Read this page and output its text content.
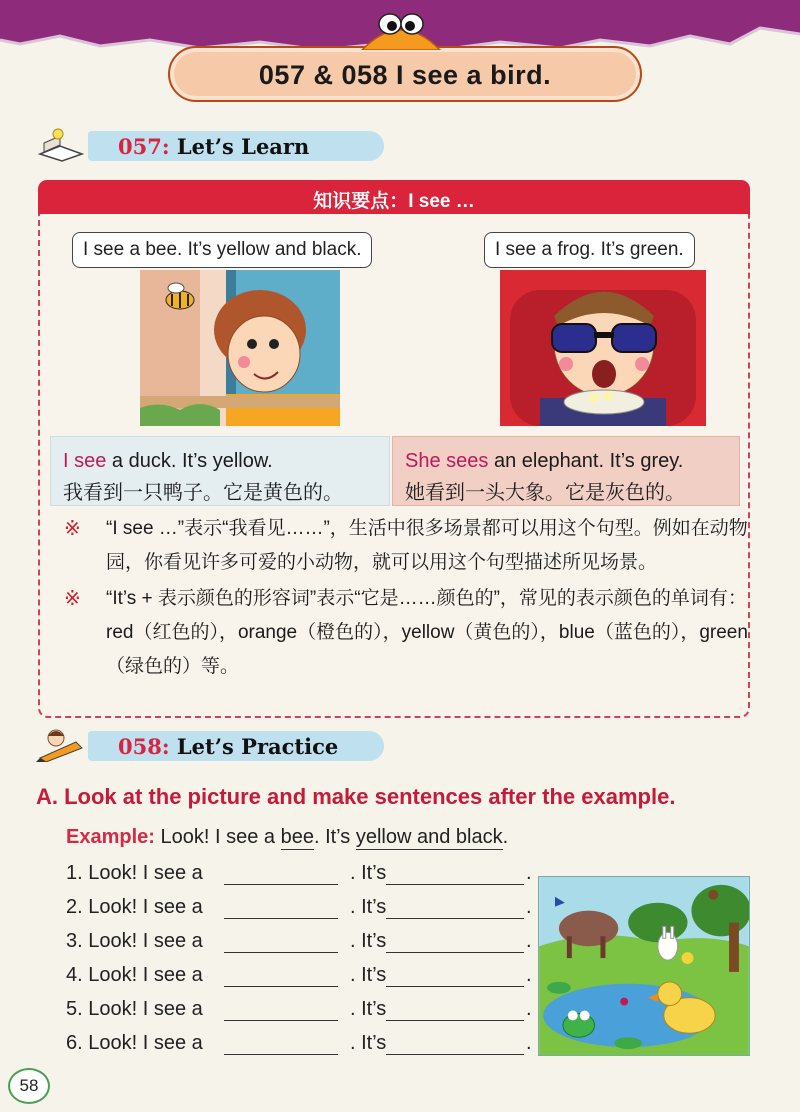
057 & 058 I see a bird.
057: Let’s Learn
知识要点：I see …
I see a bee. It’s yellow and black.	I see a frog. It’s green.
I see a duck. It’s yellow.
我看到一只鸭子。它是黄色的。
She sees an elephant. It’s grey.
她看到一头大象。它是灰色的。
※ “I see …”表示“我看见……”，生活中很多场景都可以用这个句型。例如在动物园，你看见许多可爱的小动物，就可以用这个句型描述所见场景。
※ “It’s + 表示颜色的形容词”表示“它是……颜色的”，常见的表示颜色的单词有：red（红色的），orange（橙色的），yellow（黄色的），blue（蓝色的），green（绿色的）等。
058: Let’s Practice
A. Look at the picture and make sentences after the example.
Example: Look! I see a bee. It’s yellow and black.
1. Look! I see a	. It’s	.
2. Look! I see a	. It’s	.
3. Look! I see a	. It’s	.
4. Look! I see a	. It’s	.
5. Look! I see a	. It’s	.
6. Look! I see a	. It’s	.
58
